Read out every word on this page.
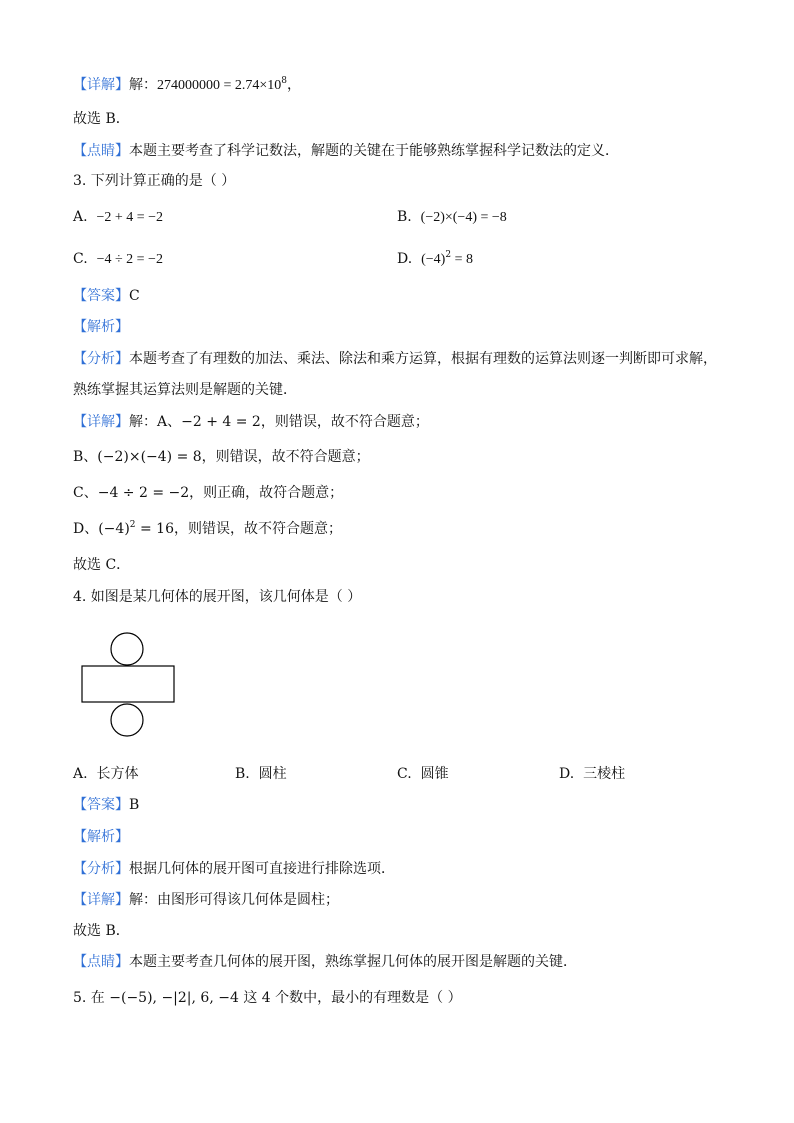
【详解】解：$274000000 = 2.74\times 10^8$，
故选 B．
【点睛】本题主要考查了科学记数法，解题的关键在于能够熟练掌握科学记数法的定义．
3. 下列计算正确的是（ ）
A. −2 + 4 = −2	B. (−2)×(−4) = −8
C. −4 ÷ 2 = −2	D. $(-4)^2 = 8$
【答案】C
【解析】
【分析】本题考查了有理数的加法、乘法、除法和乘方运算，根据有理数的运算法则逐一判断即可求解，
熟练掌握其运算法则是解题的关键．
【详解】解：A、−2 + 4 = 2，则错误，故不符合题意；
B、(−2)×(−4) = 8，则错误，故不符合题意；
C、−4 ÷ 2 = −2，则正确，故符合题意；
D、$(-4)^2 = 16$，则错误，故不符合题意；
故选 C．
4. 如图是某几何体的展开图，该几何体是（ ）
A. 长方体	B. 圆柱	C. 圆锥	D. 三棱柱
【答案】B
【解析】
【分析】根据几何体的展开图可直接进行排除选项．
【详解】解：由图形可得该几何体是圆柱；
故选 B．
【点睛】本题主要考查几何体的展开图，熟练掌握几何体的展开图是解题的关键．
5. 在 −(−5), −|2|, 6, −4 这 4 个数中，最小的有理数是（ ）
